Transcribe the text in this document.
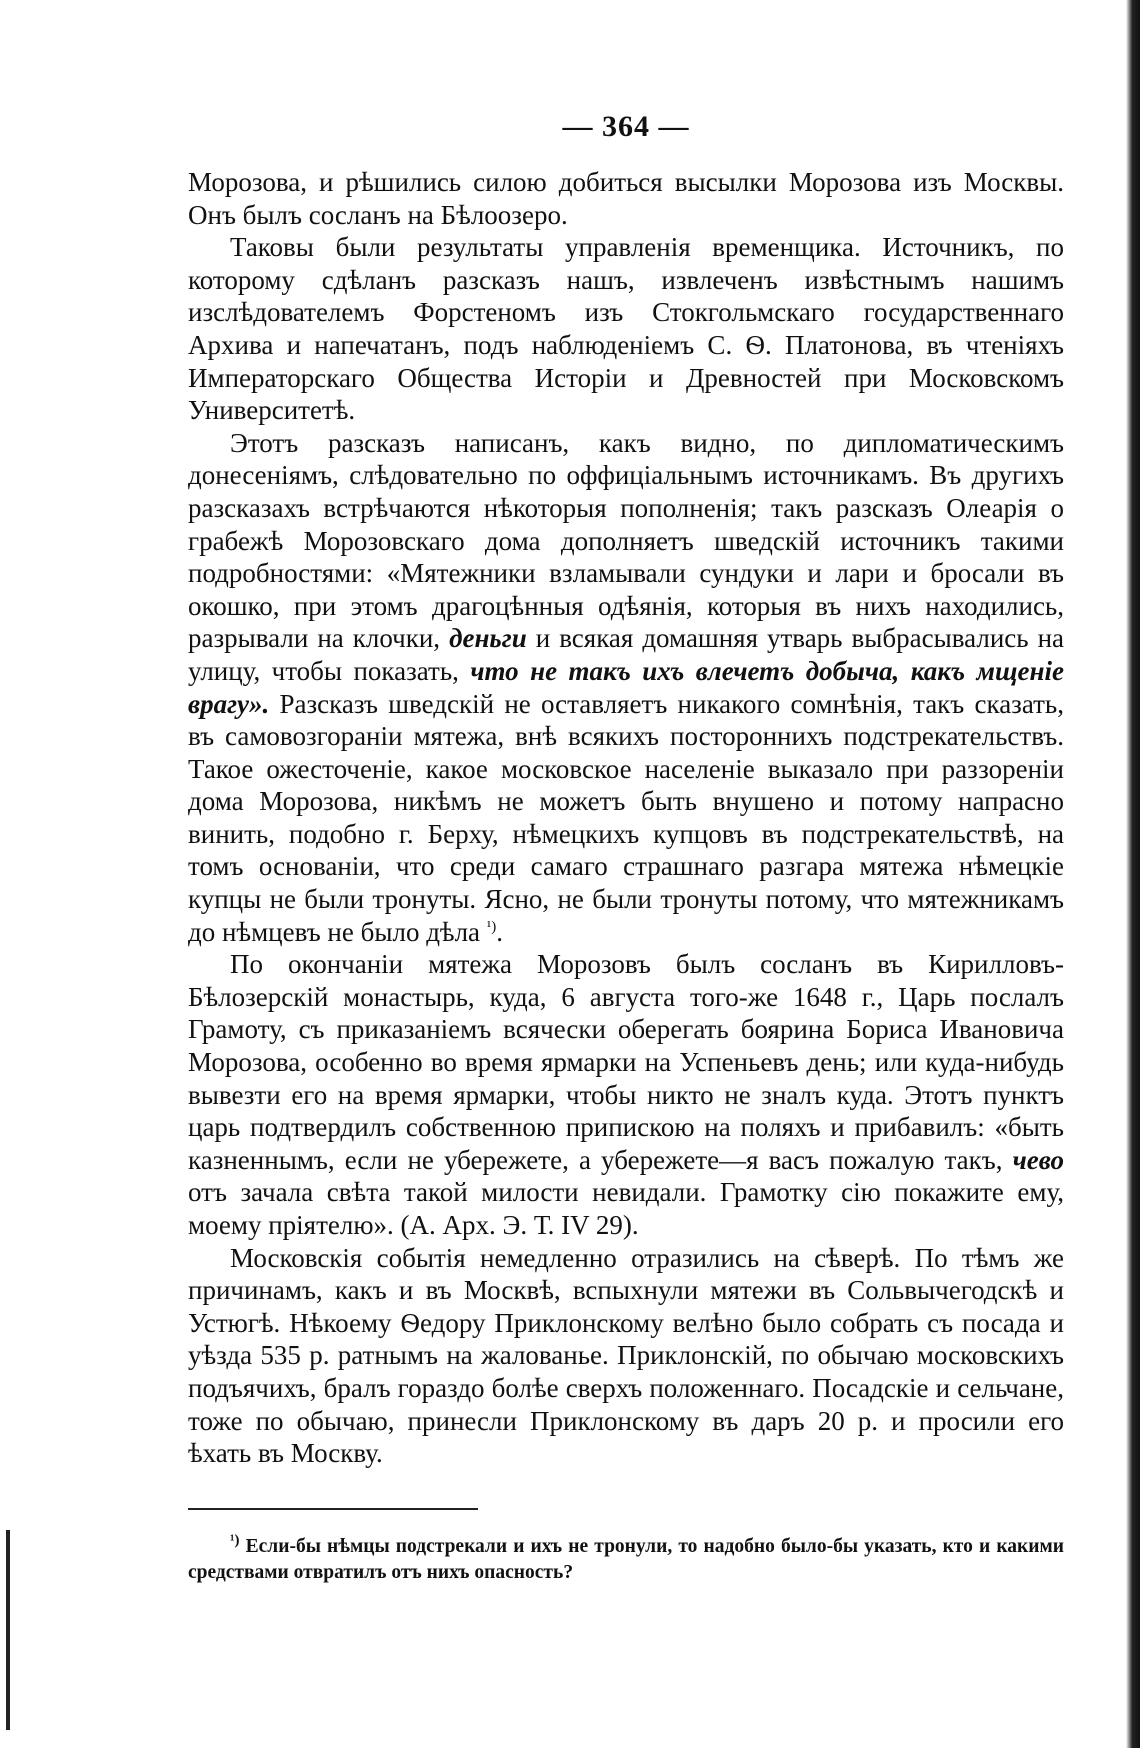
— 364 —

Морозова, и рѣшились силою добиться высылки Морозова изъ Москвы. Онъ былъ сосланъ на Бѣлоозеро.

Таковы были результаты управленія временщика. Источникъ, по которому сдѣланъ разсказъ нашъ, извлеченъ извѣстнымъ нашимъ изслѣдователемъ Форстеномъ изъ Стокгольмскаго государственнаго Архива и напечатанъ, подъ наблюденіемъ С. Ѳ. Платонова, въ чтеніяхъ Императорскаго Общества Исторіи и Древностей при Московскомъ Университетѣ.

Этотъ разсказъ написанъ, какъ видно, по дипломатическимъ донесеніямъ, слѣдовательно по оффиціальнымъ источникамъ. Въ другихъ разсказахъ встрѣчаются нѣкоторыя пополненія; такъ разсказъ Олеарія о грабежѣ Морозовскаго дома дополняетъ шведскій источникъ такими подробностями: «Мятежники взламывали сундуки и лари и бросали въ окошко, при этомъ драгоцѣнныя одѣянія, которыя въ нихъ находились, разрывали на клочки, деньги и всякая домашняя утварь выбрасывались на улицу, чтобы показать, что не такъ ихъ влечетъ добыча, какъ мщеніе врагу». Разсказъ шведскій не оставляетъ никакого сомнѣнія, такъ сказать, въ самовозгораніи мятежа, внѣ всякихъ постороннихъ подстрекательствъ. Такое ожесточеніе, какое московское населеніе выказало при раззореніи дома Морозова, никѣмъ не можетъ быть внушено и потому напрасно винить, подобно г. Берху, нѣмецкихъ купцовъ въ подстрекательствѣ, на томъ основаніи, что среди самаго страшнаго разгара мятежа нѣмецкіе купцы не были тронуты. Ясно, не были тронуты потому, что мятежникамъ до нѣмцевъ не было дѣла $^{^1)}$.

По окончаніи мятежа Морозовъ былъ сосланъ въ Кирилловъ-Бѣлозерскій монастырь, куда, 6 августа того-же 1648 г., Царь послалъ Грамоту, съ приказаніемъ всячески оберегать боярина Бориса Ивановича Морозова, особенно во время ярмарки на Успеньевъ день; или куда-нибудь вывезти его на время ярмарки, чтобы никто не зналъ куда. Этотъ пунктъ царь подтвердилъ собственною припискою на поляхъ и прибавилъ: «быть казненнымъ, если не убережете, а убережете—я васъ пожалую такъ, чево отъ зачала свѣта такой милости невидали. Грамотку сію покажите ему, моему пріятелю». (А. Арх. Э. Т. IV 29).

Московскія событія немедленно отразились на сѣверѣ. По тѣмъ же причинамъ, какъ и въ Москвѣ, вспыхнули мятежи въ Сольвычегодскѣ и Устюгѣ. Нѣкоему Ѳедору Приклонскому велѣно было собрать съ посада и уѣзда 535 р. ратнымъ на жалованье. Приклонскій, по обычаю московскихъ подъячихъ, бралъ гораздо болѣе сверхъ положеннаго. Посадскіе и сельчане, тоже по обычаю, принесли Приклонскому въ даръ 20 р. и просили его ѣхать въ Москву.

$^{^1)}$ Если-бы нѣмцы подстрекали и ихъ не тронули, то надобно было-бы указать, кто и какими средствами отвратилъ отъ нихъ опасность?
